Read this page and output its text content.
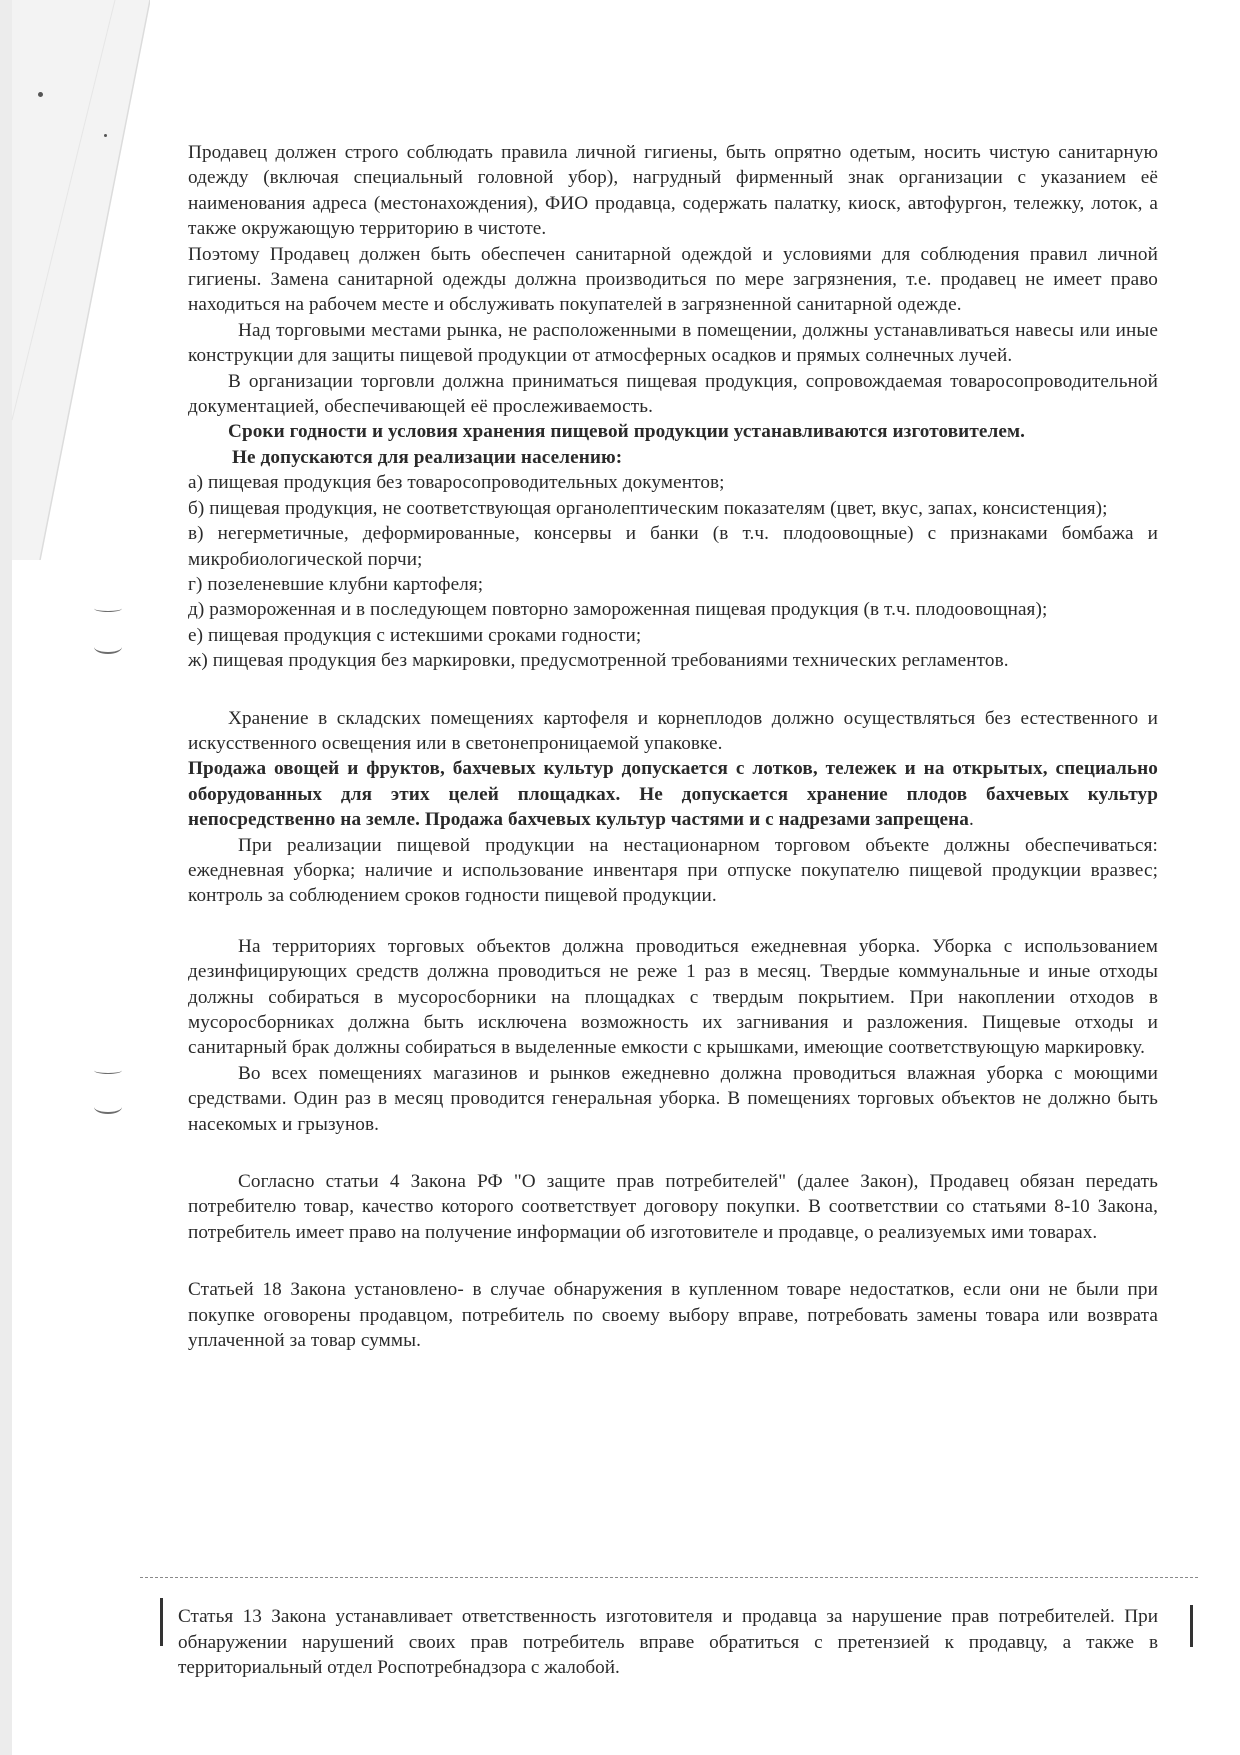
Продавец должен строго соблюдать правила личной гигиены, быть опрятно одетым, носить чистую санитарную одежду (включая специальный головной убор), нагрудный фирменный знак организации с указанием её наименования адреса (местонахождения), ФИО продавца, содержать палатку, киоск, автофургон, тележку, лоток, а также окружающую территорию в чистоте.

Поэтому Продавец должен быть обеспечен санитарной одеждой и условиями для соблюдения правил личной гигиены. Замена санитарной одежды должна производиться по мере загрязнения, т.е. продавец не имеет право находиться на рабочем месте и обслуживать покупателей в загрязненной санитарной одежде.

Над торговыми местами рынка, не расположенными в помещении, должны устанавливаться навесы или иные конструкции для защиты пищевой продукции от атмосферных осадков и прямых солнечных лучей.

В организации торговли должна приниматься пищевая продукция, сопровождаемая товаросопроводительной документацией, обеспечивающей её прослеживаемость.

Сроки годности и условия хранения пищевой продукции устанавливаются изготовителем.

Не допускаются для реализации населению:

а) пищевая продукция без товаросопроводительных документов;

б) пищевая продукция, не соответствующая органолептическим показателям (цвет, вкус, запах, консистенция);

в) негерметичные, деформированные, консервы и банки (в т.ч. плодоовощные) с признаками бомбажа и микробиологической порчи;

г) позеленевшие клубни картофеля;

д) размороженная и в последующем повторно замороженная пищевая продукция (в т.ч. плодоовощная);

е) пищевая продукция с истекшими сроками годности;

ж) пищевая продукция без маркировки, предусмотренной требованиями технических регламентов.

Хранение в складских помещениях картофеля и корнеплодов должно осуществляться без естественного и искусственного освещения или в светонепроницаемой упаковке.

Продажа овощей и фруктов, бахчевых культур допускается с лотков, тележек и на открытых, специально оборудованных для этих целей площадках. Не допускается хранение плодов бахчевых культур непосредственно на земле. Продажа бахчевых культур частями и с надрезами запрещена.

При реализации пищевой продукции на нестационарном торговом объекте должны обеспечиваться: ежедневная уборка; наличие и использование инвентаря при отпуске покупателю пищевой продукции вразвес; контроль за соблюдением сроков годности пищевой продукции.

На территориях торговых объектов должна проводиться ежедневная уборка. Уборка с использованием дезинфицирующих средств должна проводиться не реже 1 раз в месяц. Твердые коммунальные и иные отходы должны собираться в мусоросборники на площадках с твердым покрытием. При накоплении отходов в мусоросборниках должна быть исключена возможность их загнивания и разложения. Пищевые отходы и санитарный брак должны собираться в выделенные емкости с крышками, имеющие соответствующую маркировку.

Во всех помещениях магазинов и рынков ежедневно должна проводиться влажная уборка с моющими средствами. Один раз в месяц проводится генеральная уборка. В помещениях торговых объектов не должно быть насекомых и грызунов.

Согласно статьи 4 Закона РФ "О защите прав потребителей" (далее Закон), Продавец обязан передать потребителю товар, качество которого соответствует договору покупки. В соответствии со статьями 8-10 Закона, потребитель имеет право на получение информации об изготовителе и продавце, о реализуемых ими товарах.

Статьей 18 Закона установлено- в случае обнаружения в купленном товаре недостатков, если они не были при покупке оговорены продавцом, потребитель по своему выбору вправе, потребовать замены товара или возврата уплаченной за товар суммы.

Статья 13 Закона устанавливает ответственность изготовителя и продавца за нарушение прав потребителей. При обнаружении нарушений своих прав потребитель вправе обратиться с претензией к продавцу, а также в территориальный отдел Роспотребнадзора с жалобой.
